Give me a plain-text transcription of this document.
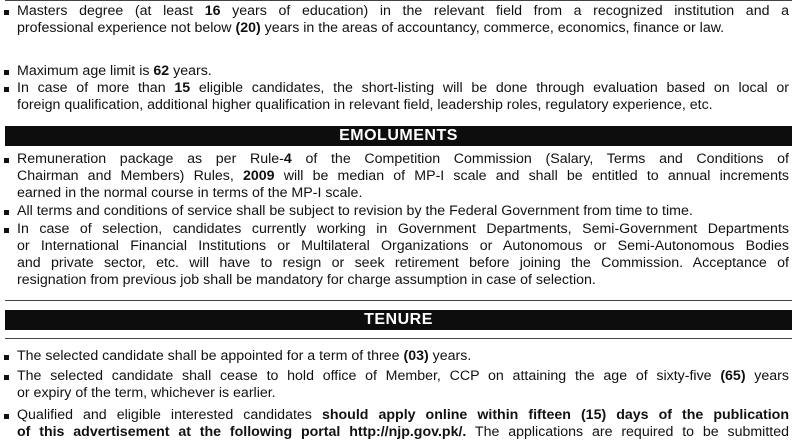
Masters degree (at least 16 years of education) in the relevant field from a recognized institution and a
professional experience not below (20) years in the areas of accountancy, commerce, economics, finance or law.
Maximum age limit is 62 years.
In case of more than 15 eligible candidates, the short-listing will be done through evaluation based on local or
foreign qualification, additional higher qualification in relevant field, leadership roles, regulatory experience, etc.
EMOLUMENTS
Remuneration package as per Rule-4 of the Competition Commission (Salary, Terms and Conditions of
Chairman and Members) Rules, 2009 will be median of MP-I scale and shall be entitled to annual increments
earned in the normal course in terms of the MP-I scale.
All terms and conditions of service shall be subject to revision by the Federal Government from time to time.
In case of selection, candidates currently working in Government Departments, Semi-Government Departments
or International Financial Institutions or Multilateral Organizations or Autonomous or Semi-Autonomous Bodies
and private sector, etc. will have to resign or seek retirement before joining the Commission. Acceptance of
resignation from previous job shall be mandatory for charge assumption in case of selection.
TENURE
The selected candidate shall be appointed for a term of three (03) years.
The selected candidate shall cease to hold office of Member, CCP on attaining the age of sixty-five (65) years
or expiry of the term, whichever is earlier.
Qualified and eligible interested candidates should apply online within fifteen (15) days of the publication
of this advertisement at the following portal http://njp.gov.pk/. The applications are required to be submitted
